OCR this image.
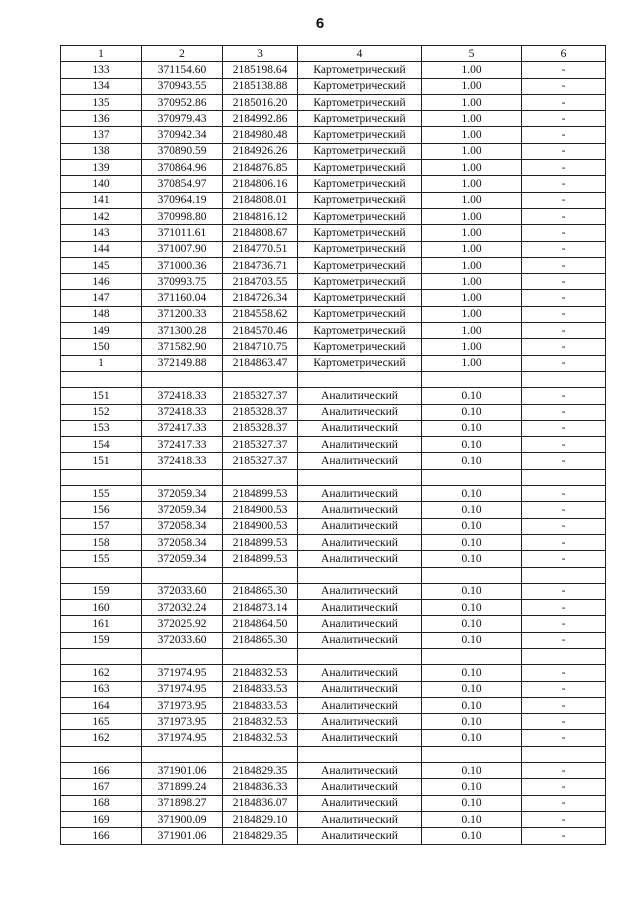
6
1	2	3	4	5	6
133	371154.60	2185198.64	Картометрический	1.00	-
134	370943.55	2185138.88	Картометрический	1.00	-
135	370952.86	2185016.20	Картометрический	1.00	-
136	370979.43	2184992.86	Картометрический	1.00	-
137	370942.34	2184980.48	Картометрический	1.00	-
138	370890.59	2184926.26	Картометрический	1.00	-
139	370864.96	2184876.85	Картометрический	1.00	-
140	370854.97	2184806.16	Картометрический	1.00	-
141	370964.19	2184808.01	Картометрический	1.00	-
142	370998.80	2184816.12	Картометрический	1.00	-
143	371011.61	2184808.67	Картометрический	1.00	-
144	371007.90	2184770.51	Картометрический	1.00	-
145	371000.36	2184736.71	Картометрический	1.00	-
146	370993.75	2184703.55	Картометрический	1.00	-
147	371160.04	2184726.34	Картометрический	1.00	-
148	371200.33	2184558.62	Картометрический	1.00	-
149	371300.28	2184570.46	Картометрический	1.00	-
150	371582.90	2184710.75	Картометрический	1.00	-
1	372149.88	2184863.47	Картометрический	1.00	-

151	372418.33	2185327.37	Аналитический	0.10	-
152	372418.33	2185328.37	Аналитический	0.10	-
153	372417.33	2185328.37	Аналитический	0.10	-
154	372417.33	2185327.37	Аналитический	0.10	-
151	372418.33	2185327.37	Аналитический	0.10	-

155	372059.34	2184899.53	Аналитический	0.10	-
156	372059.34	2184900.53	Аналитический	0.10	-
157	372058.34	2184900.53	Аналитический	0.10	-
158	372058.34	2184899.53	Аналитический	0.10	-
155	372059.34	2184899.53	Аналитический	0.10	-

159	372033.60	2184865.30	Аналитический	0.10	-
160	372032.24	2184873.14	Аналитический	0.10	-
161	372025.92	2184864.50	Аналитический	0.10	-
159	372033.60	2184865.30	Аналитический	0.10	-

162	371974.95	2184832.53	Аналитический	0.10	-
163	371974.95	2184833.53	Аналитический	0.10	-
164	371973.95	2184833.53	Аналитический	0.10	-
165	371973.95	2184832.53	Аналитический	0.10	-
162	371974.95	2184832.53	Аналитический	0.10	-

166	371901.06	2184829.35	Аналитический	0.10	-
167	371899.24	2184836.33	Аналитический	0.10	-
168	371898.27	2184836.07	Аналитический	0.10	-
169	371900.09	2184829.10	Аналитический	0.10	-
166	371901.06	2184829.35	Аналитический	0.10	-
